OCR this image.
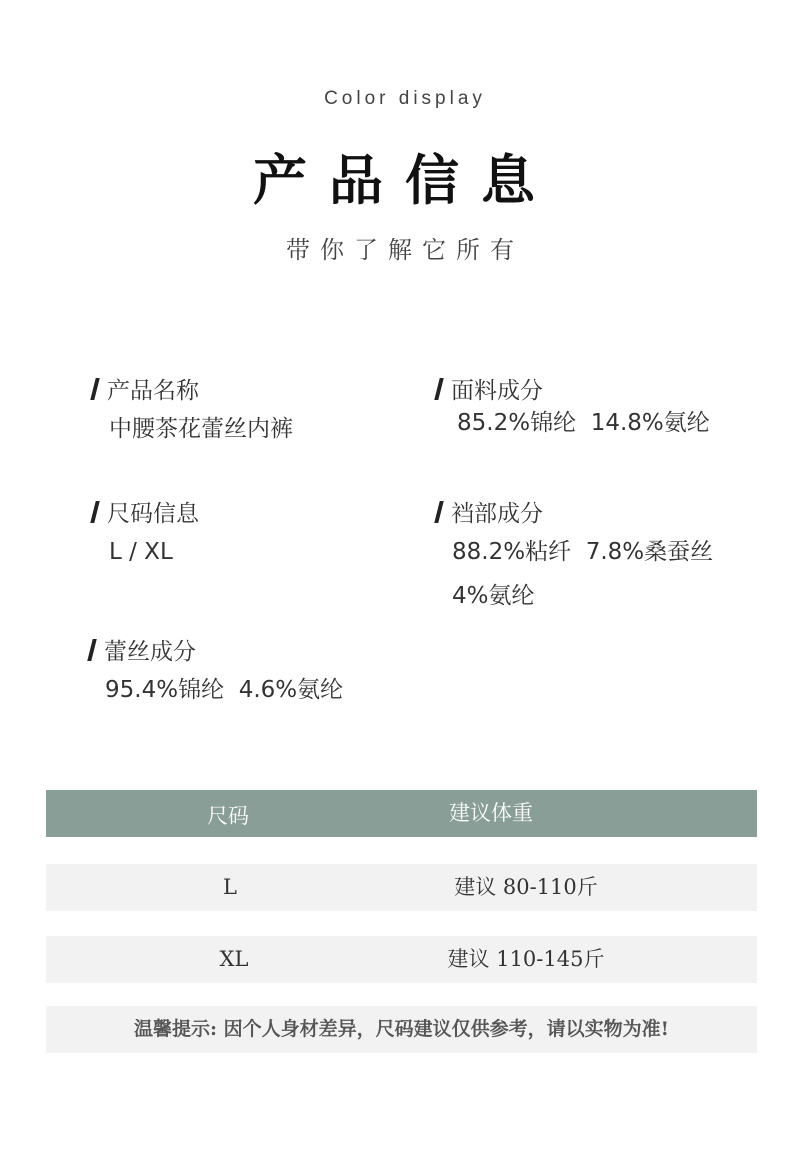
Color display
产品信息
带你了解它所有
产品名称
中腰茶花蕾丝内裤
面料成分
85.2%锦纶  14.8%氨纶
尺码信息
L / XL
裆部成分
88.2%粘纤  7.8%桑蚕丝
4%氨纶
蕾丝成分
95.4%锦纶  4.6%氨纶
尺码	建议体重
L	建议 80-110斤
XL	建议 110-145斤
温馨提示: 因个人身材差异，尺码建议仅供参考，请以实物为准!
